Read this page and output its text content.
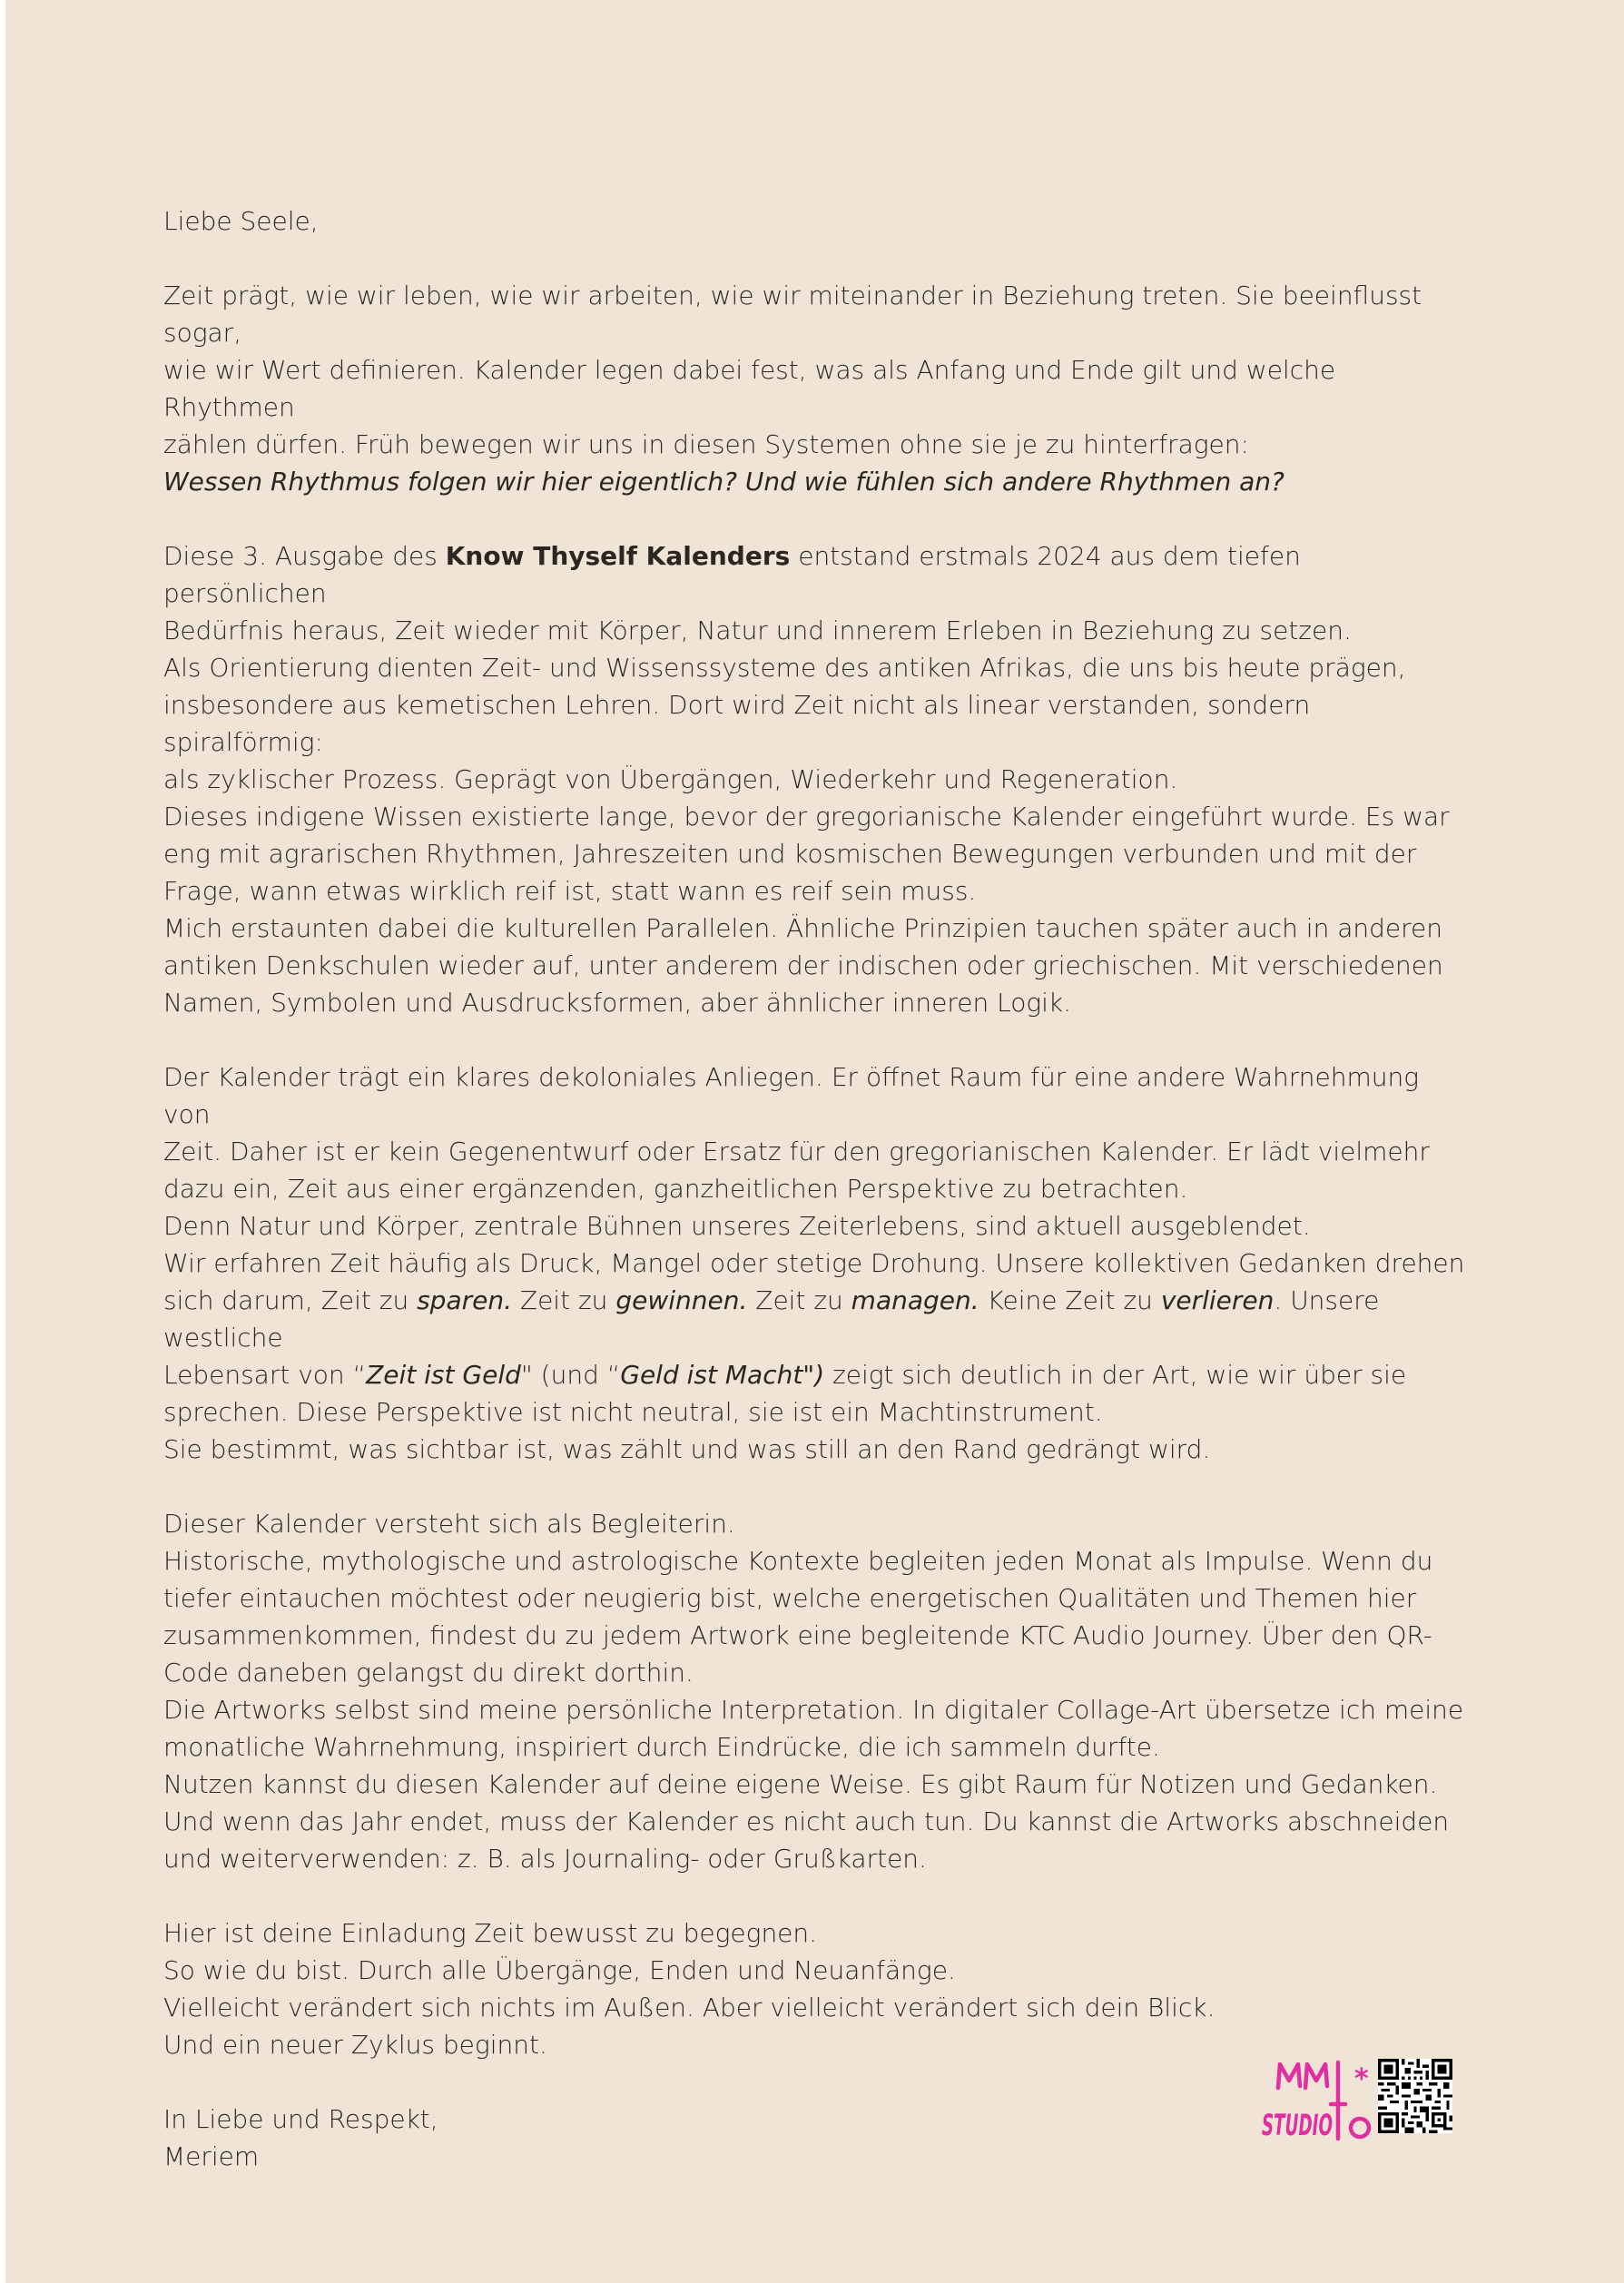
Liebe Seele,

Zeit prägt, wie wir leben, wie wir arbeiten, wie wir miteinander in Beziehung treten. Sie beeinflusst sogar,

wie wir Wert definieren. Kalender legen dabei fest, was als Anfang und Ende gilt und welche Rhythmen

zählen dürfen. Früh bewegen wir uns in diesen Systemen ohne sie je zu hinterfragen:

Wessen Rhythmus folgen wir hier eigentlich? Und wie fühlen sich andere Rhythmen an?

Diese 3. Ausgabe des Know Thyself Kalenders entstand erstmals 2024 aus dem tiefen persönlichen

Bedürfnis heraus, Zeit wieder mit Körper, Natur und innerem Erleben in Beziehung zu setzen.

Als Orientierung dienten Zeit- und Wissenssysteme des antiken Afrikas, die uns bis heute prägen,

insbesondere aus kemetischen Lehren. Dort wird Zeit nicht als linear verstanden, sondern spiralförmig:

als zyklischer Prozess. Geprägt von Übergängen, Wiederkehr und Regeneration.

Dieses indigene Wissen existierte lange, bevor der gregorianische Kalender eingeführt wurde. Es war

eng mit agrarischen Rhythmen, Jahreszeiten und kosmischen Bewegungen verbunden und mit der

Frage, wann etwas wirklich reif ist, statt wann es reif sein muss.

Mich erstaunten dabei die kulturellen Parallelen. Ähnliche Prinzipien tauchen später auch in anderen

antiken Denkschulen wieder auf, unter anderem der indischen oder griechischen. Mit verschiedenen

Namen, Symbolen und Ausdrucksformen, aber ähnlicher inneren Logik.

Der Kalender trägt ein klares dekoloniales Anliegen. Er öffnet Raum für eine andere Wahrnehmung von

Zeit. Daher ist er kein Gegenentwurf oder Ersatz für den gregorianischen Kalender. Er lädt vielmehr

dazu ein, Zeit aus einer ergänzenden, ganzheitlichen Perspektive zu betrachten.

Denn Natur und Körper, zentrale Bühnen unseres Zeiterlebens, sind aktuell ausgeblendet.

Wir erfahren Zeit häufig als Druck, Mangel oder stetige Drohung. Unsere kollektiven Gedanken drehen

sich darum, Zeit zu sparen. Zeit zu gewinnen. Zeit zu managen. Keine Zeit zu verlieren. Unsere westliche

Lebensart von “Zeit ist Geld" (und “Geld ist Macht") zeigt sich deutlich in der Art, wie wir über sie

sprechen. Diese Perspektive ist nicht neutral, sie ist ein Machtinstrument.

Sie bestimmt, was sichtbar ist, was zählt und was still an den Rand gedrängt wird.

Dieser Kalender versteht sich als Begleiterin.

Historische, mythologische und astrologische Kontexte begleiten jeden Monat als Impulse. Wenn du

tiefer eintauchen möchtest oder neugierig bist, welche energetischen Qualitäten und Themen hier

zusammenkommen, findest du zu jedem Artwork eine begleitende KTC Audio Journey. Über den QR-

Code daneben gelangst du direkt dorthin.

Die Artworks selbst sind meine persönliche Interpretation. In digitaler Collage-Art übersetze ich meine

monatliche Wahrnehmung, inspiriert durch Eindrücke, die ich sammeln durfte.

Nutzen kannst du diesen Kalender auf deine eigene Weise. Es gibt Raum für Notizen und Gedanken.

Und wenn das Jahr endet, muss der Kalender es nicht auch tun. Du kannst die Artworks abschneiden

und weiterverwenden: z. B. als Journaling- oder Grußkarten.

Hier ist deine Einladung Zeit bewusst zu begegnen.

So wie du bist. Durch alle Übergänge, Enden und Neuanfänge.

Vielleicht verändert sich nichts im Außen. Aber vielleicht verändert sich dein Blick.

Und ein neuer Zyklus beginnt.

In Liebe und Respekt,

Meriem

STUDIO
*
